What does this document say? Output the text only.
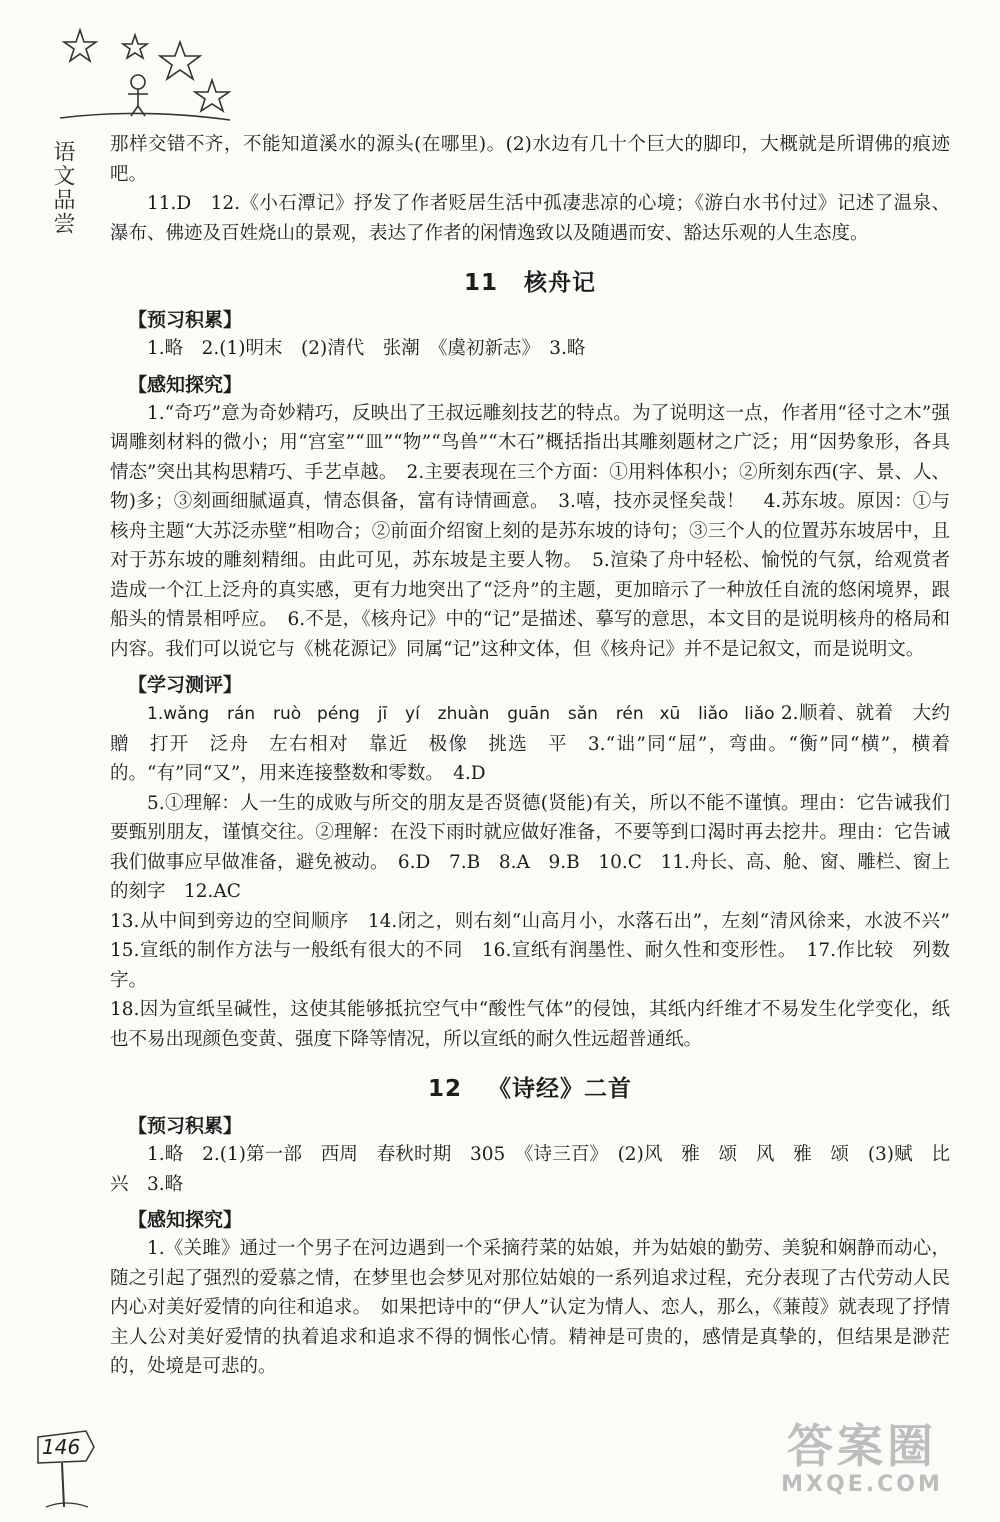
语文品尝 那样交错不齐，不能知道溪水的源头(在哪里)。(2)水边有几十个巨大的脚印，大概就是所谓佛的痕迹吧。

11.D　12.《小石潭记》抒发了作者贬居生活中孤凄悲凉的心境；《游白水书付过》记述了温泉、瀑布、佛迹及百姓烧山的景观，表达了作者的闲情逸致以及随遇而安、豁达乐观的人生态度。

11 核舟记
【预习积累】

1.略　2.(1)明末　(2)清代　张潮　《虞初新志》　3.略

【感知探究】

1.“奇巧”意为奇妙精巧，反映出了王叔远雕刻技艺的特点。为了说明这一点，作者用“径寸之木”强调雕刻材料的微小；用“宫室”“皿”“物”“鸟兽”“木石”概括指出其雕刻题材之广泛；用“因势象形，各具情态”突出其构思精巧、手艺卓越。　2.主要表现在三个方面：①用料体积小；②所刻东西(字、景、人、物)多；③刻画细腻逼真，情态俱备，富有诗情画意。　3.嘻，技亦灵怪矣哉！　4.苏东坡。原因：①与核舟主题“大苏泛赤壁”相吻合；②前面介绍窗上刻的是苏东坡的诗句；③三个人的位置苏东坡居中，且对于苏东坡的雕刻精细。由此可见，苏东坡是主要人物。　5.渲染了舟中轻松、愉悦的气氛，给观赏者造成一个江上泛舟的真实感，更有力地突出了“泛舟”的主题，更加暗示了一种放任自流的悠闲境界，跟船头的情景相呼应。　6.不是，《核舟记》中的“记”是描述、摹写的意思，本文目的是说明核舟的格局和内容。我们可以说它与《桃花源记》同属“记”这种文体，但《核舟记》并不是记叙文，而是说明文。

【学习测评】

1.wǎng　rán　ruò péng　jī　yí　zhuàn　guān　sǎn　rén xū　liǎo liǎo 2.顺着、就着　大约　贈　打开　泛舟　左右相对　靠近　极像　挑选　平　3.“诎”同“屈”，弯曲。“衡”同“横”，横着的。“有”同“又”，用来连接整数和零数。　4.D

5.①理解：人一生的成败与所交的朋友是否贤德(贤能)有关，所以不能不谨慎。理由：它告诫我们要甄别朋友，谨慎交往。②理解：在没下雨时就应做好准备，不要等到口渴时再去挖井。理由：它告诫我们做事应早做准备，避免被动。　6.D　7.B　8.A　9.B　10.C　11.舟长、高、舱、窗、雕栏、窗上的刻字　12.AC

13.从中间到旁边的空间顺序　14.闭之，则右刻“山高月小，水落石出”，左刻“清风徐来，水波不兴”　15.宣纸的制作方法与一般纸有很大的不同　16.宣纸有润墨性、耐久性和变形性。　17.作比较　列数字。

18.因为宣纸呈碱性，这使其能够抵抗空气中“酸性气体”的侵蚀，其纸内纤维才不易发生化学变化，纸也不易出现颜色变黄、强度下降等情况，所以宣纸的耐久性远超普通纸。

12 《诗经》二首
【预习积累】

1.略　2.(1)第一部　西周　春秋时期　305　《诗三百》　(2)风　雅　颂　风　雅　颂　(3)赋　比　兴　3.略

【感知探究】

1.《关雎》通过一个男子在河边遇到一个采摘荇菜的姑娘，并为姑娘的勤劳、美貌和娴静而动心，随之引起了强烈的爱慕之情，在梦里也会梦见对那位姑娘的一系列追求过程，充分表现了古代劳动人民内心对美好爱情的向往和追求。　如果把诗中的“伊人”认定为情人、恋人，那么，《蒹葭》就表现了抒情主人公对美好爱情的执着追求和追求不得的惆怅心情。精神是可贵的，感情是真挚的，但结果是渺茫的，处境是可悲的。

146	答案圈
MXQE.COM
